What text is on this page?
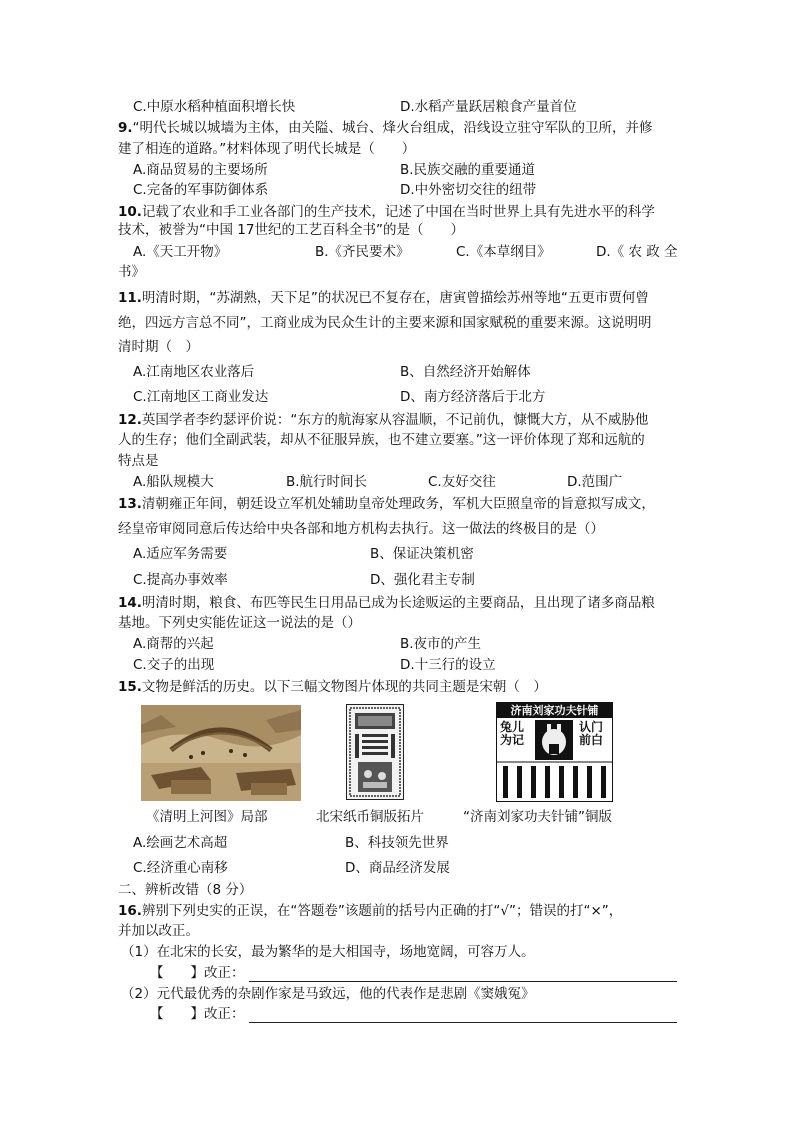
C.中原水稻种植面积增长快	D.水稻产量跃居粮食产量首位
9.“明代长城以城墙为主体，由关隘、城台、烽火台组成，沿线设立驻守军队的卫所，并修
建了相连的道路。”材料体现了明代长城是（　　）
A.商品贸易的主要场所	B.民族交融的重要通道
C.完备的军事防御体系	D.中外密切交往的纽带
10.记载了农业和手工业各部门的生产技术，记述了中国在当时世界上具有先进水平的科学
技术，被誉为“中国 17世纪的工艺百科全书”的是（　　）
A.《天工开物》	B.《齐民要术》	C.《本草纲目》	D.《 农 政 全
书》
11.明清时期，“苏湖熟，天下足”的状况已不复存在，唐寅曾描绘苏州等地“五更市贾何曾
绝，四远方言总不同”，工商业成为民众生计的主要来源和国家赋税的重要来源。这说明明
清时期（　）
A.江南地区农业落后	B、自然经济开始解体
C.江南地区工商业发达	D、南方经济落后于北方
12.英国学者李约瑟评价说：“东方的航海家从容温顺，不记前仇，慷慨大方，从不威胁他
人的生存；他们全副武装，却从不征服异族，也不建立要塞。”这一评价体现了郑和远航的
特点是
A.船队规模大	B.航行时间长	C.友好交往	D.范围广
13.清朝雍正年间，朝廷设立军机处辅助皇帝处理政务，军机大臣照皇帝的旨意拟写成文，
经皇帝审阅同意后传达给中央各部和地方机构去执行。这一做法的终极目的是（）
A.适应军务需要	B、保证决策机密
C.提高办事效率	D、强化君主专制
14.明清时期，粮食、布匹等民生日用品已成为长途贩运的主要商品，且出现了诸多商品粮
基地。下列史实能佐证这一说法的是（）
A.商帮的兴起	B.夜市的产生
C.交子的出现	D.十三行的设立
15.文物是鲜活的历史。以下三幅文物图片体现的共同主题是宋朝（　）
《清明上河图》局部	北宋纸币铜版拓片
济南刘家功夫针铺
兔儿为记
认门前白
“济南刘家功夫针铺”铜版
A.绘画艺术高超	B、科技领先世界
C.经济重心南移	D、商品经济发展
二、辨析改错（8 分）
16.辨别下列史实的正误，在“答题卷”该题前的括号内正确的打“√”；错误的打“×”，
并加以改正。
（1）在北宋的长安，最为繁华的是大相国寺，场地宽阔，可容万人。
【　　】改正：
（2）元代最优秀的杂剧作家是马致远，他的代表作是悲剧《窦娥冤》
【　　】改正：
